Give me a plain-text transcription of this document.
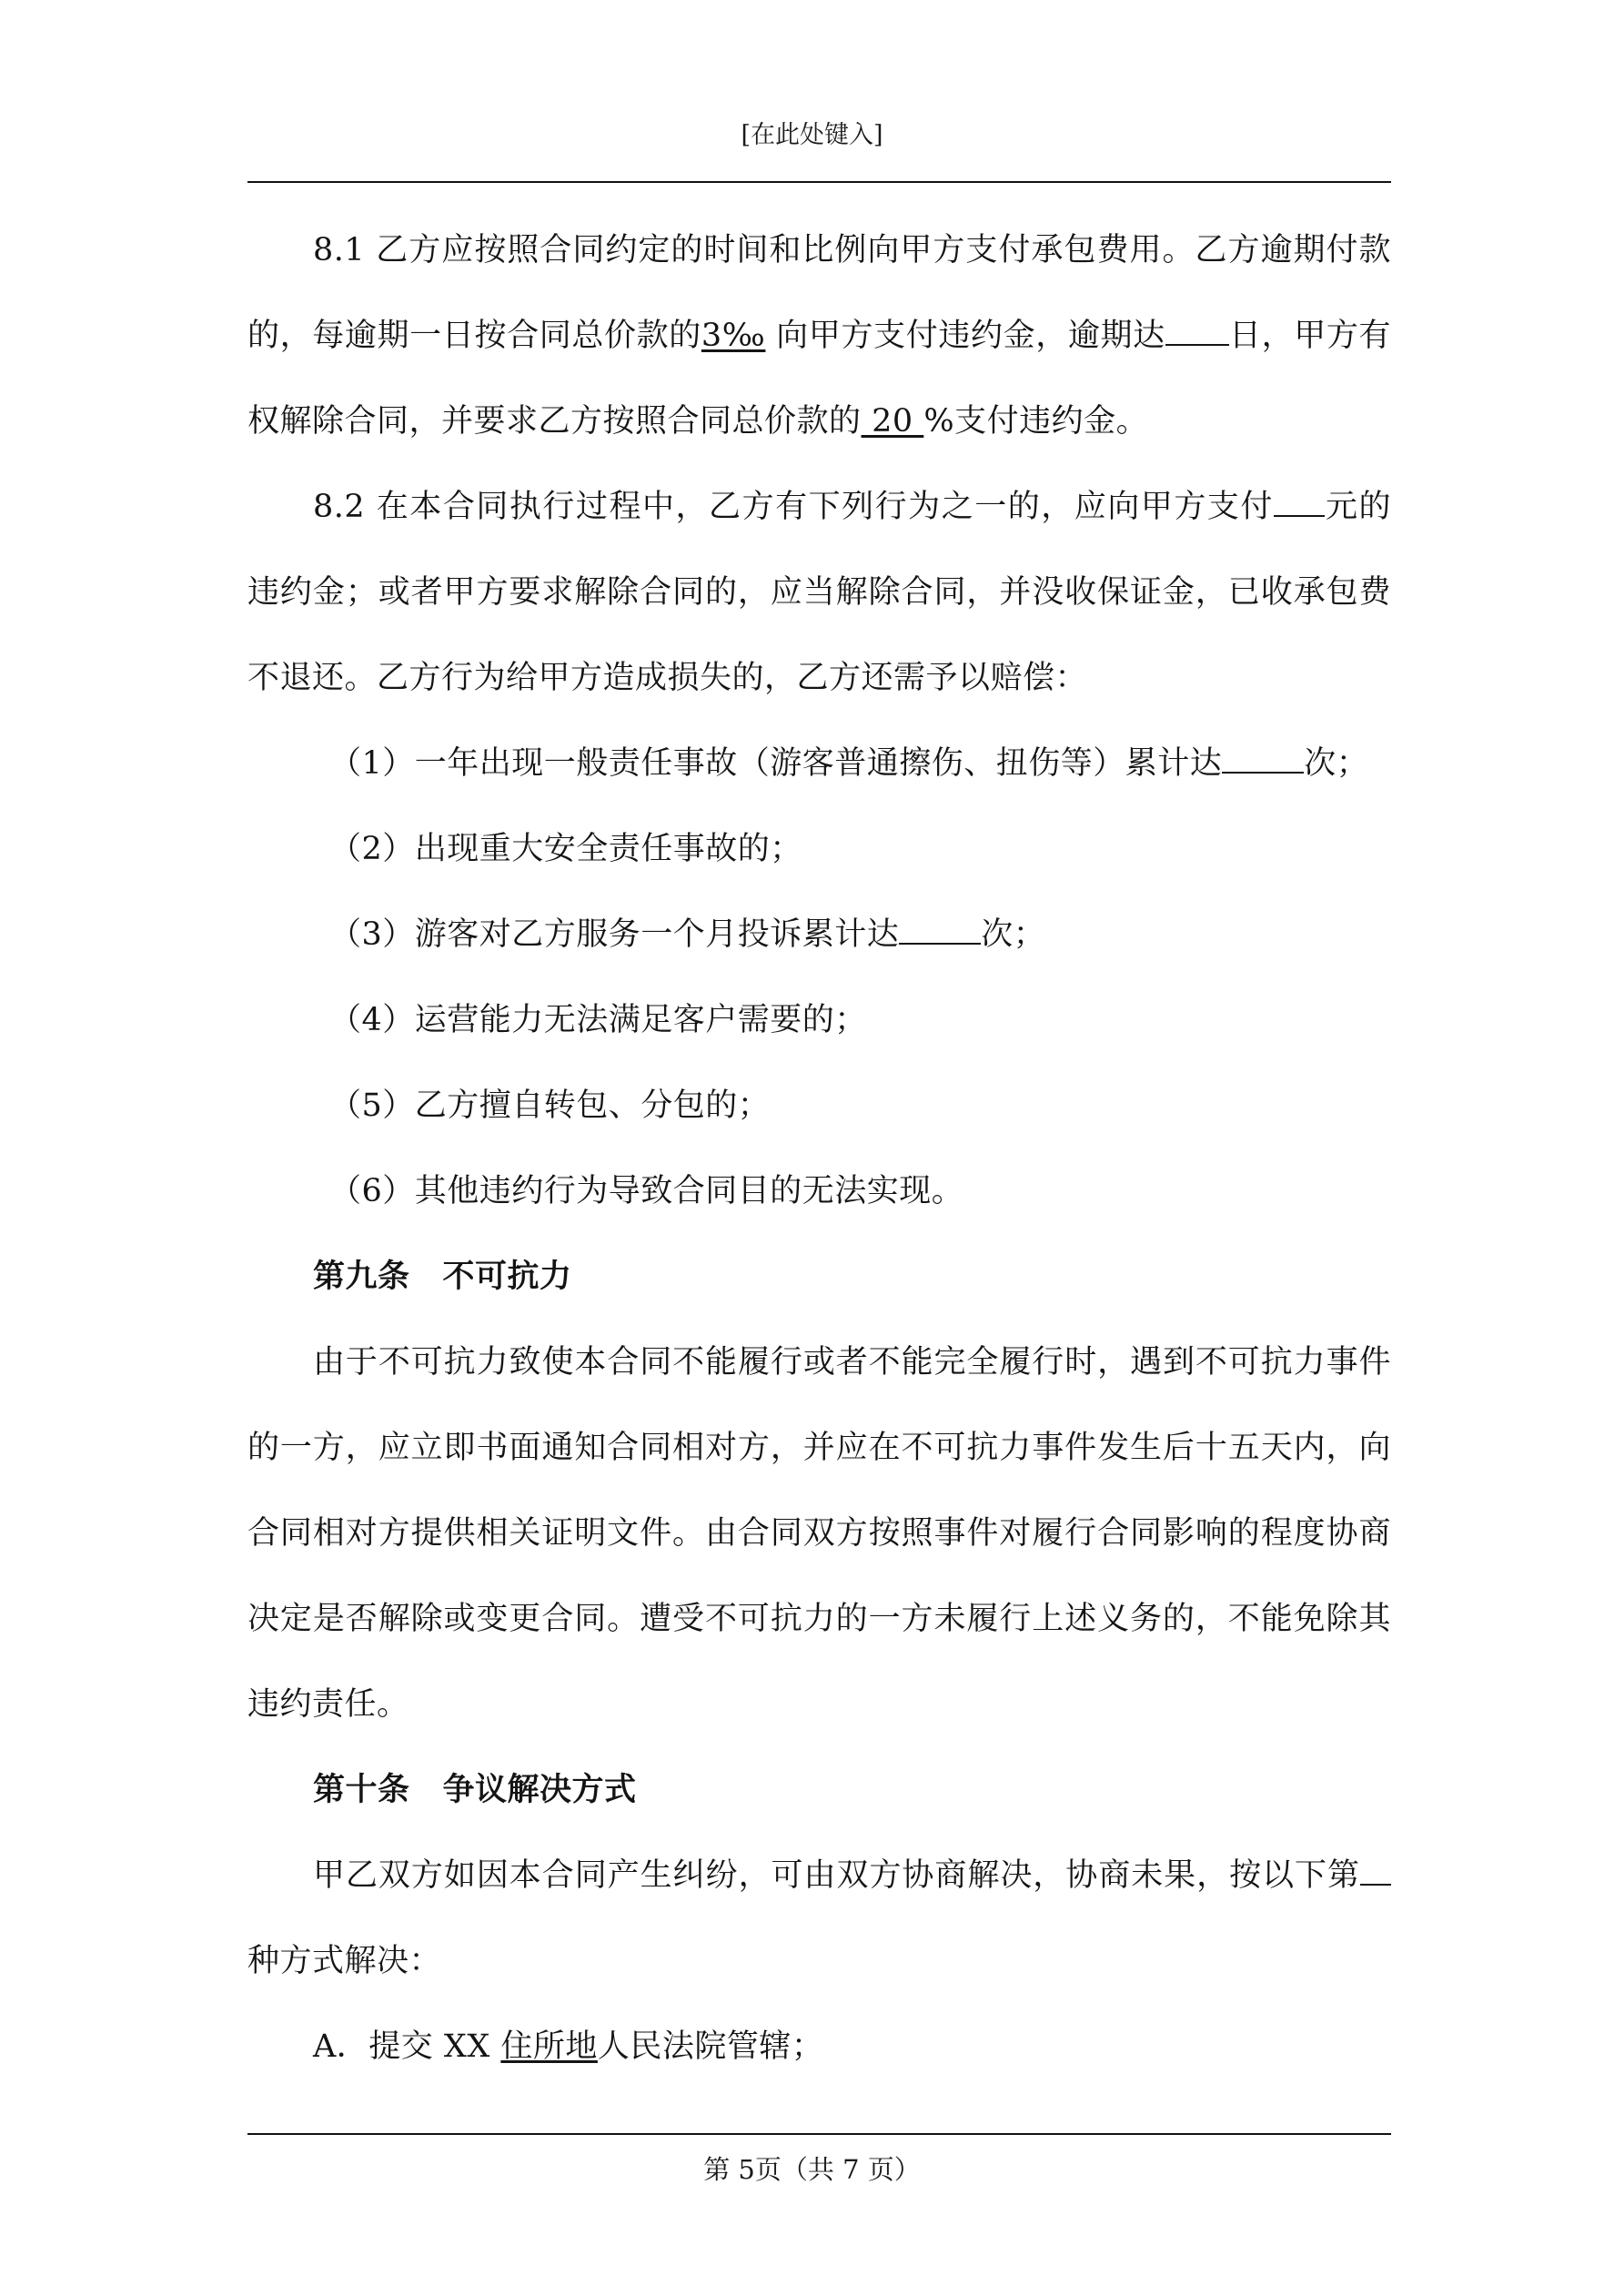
[在此处键入]

8.1 乙方应按照合同约定的时间和比例向甲方支付承包费用。乙方逾期付款的，每逾期一日按合同总价款的3‰ 向甲方支付违约金，逾期达 日，甲方有权解除合同，并要求乙方按照合同总价款的 20 %支付违约金。

8.2 在本合同执行过程中，乙方有下列行为之一的，应向甲方支付 元的违约金；或者甲方要求解除合同的，应当解除合同，并没收保证金，已收承包费不退还。乙方行为给甲方造成损失的，乙方还需予以赔偿：

（1）一年出现一般责任事故（游客普通擦伤、扭伤等）累计达	次；

（2）出现重大安全责任事故的；

（3）游客对乙方服务一个月投诉累计达	次；

（4）运营能力无法满足客户需要的；

（5）乙方擅自转包、分包的；

（6）其他违约行为导致合同目的无法实现。

第九条 不可抗力

由于不可抗力致使本合同不能履行或者不能完全履行时，遇到不可抗力事件的一方，应立即书面通知合同相对方，并应在不可抗力事件发生后十五天内，向合同相对方提供相关证明文件。由合同双方按照事件对履行合同影响的程度协商决定是否解除或变更合同。遭受不可抗力的一方未履行上述义务的，不能免除其违约责任。

第十条 争议解决方式

甲乙双方如因本合同产生纠纷，可由双方协商解决，协商未果，按以下第种方式解决：

A．提交 XX 住所地人民法院管辖；

第 5页（共 7 页）
